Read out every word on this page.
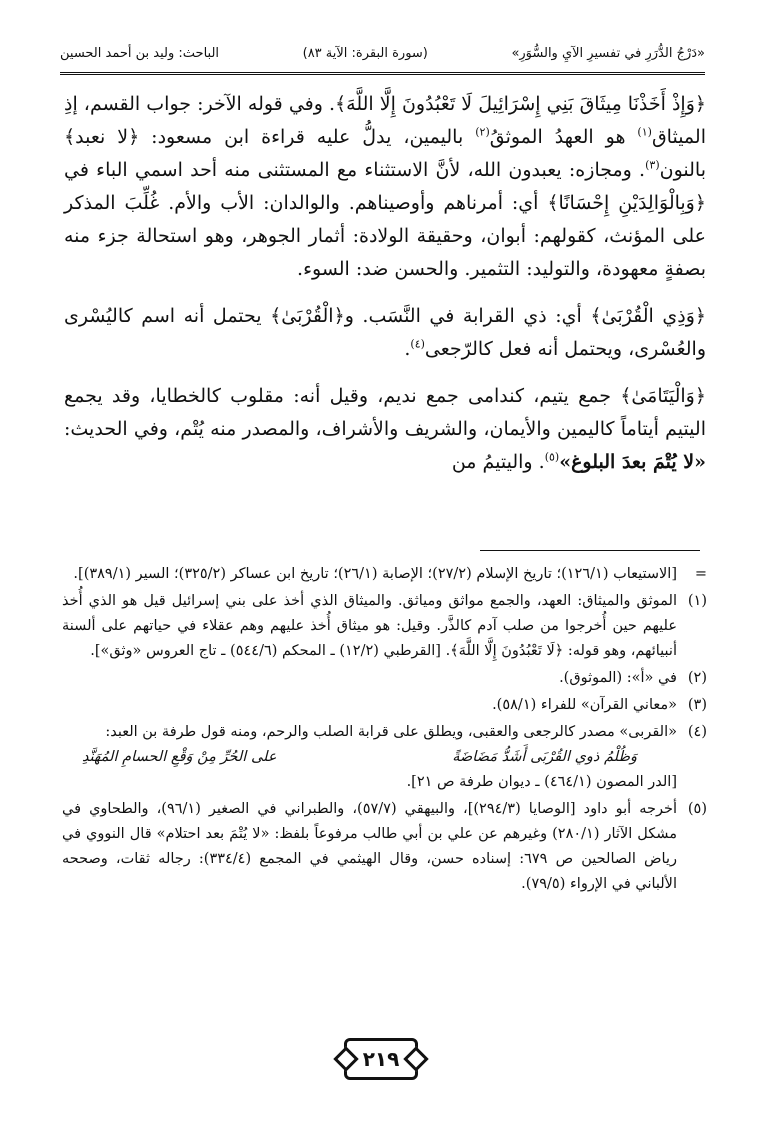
«دَرْجُ الدُّرَرِ في تفسيرِ الآيِ والسُّوَرِ»
(سورة البقرة: الآية ٨٣)
الباحث: وليد بن أحمد الحسين

﴿وَإِذْ أَخَذْنَا مِيثَاقَ بَنِي إِسْرَائِيلَ لَا تَعْبُدُونَ إِلَّا اللَّهَ﴾. وفي قوله الآخر: جواب القسم، إذِ الميثاق$^{(١)}$ هو العهدُ الموثقُ$^{(٢)}$ باليمين، يدلُّ عليه قراءة ابن مسعود: ﴿لا نعبد﴾ بالنون$^{(٣)}$. ومجازه: يعبدون الله، لأنَّ الاستثناء مع المستثنى منه أحد اسمي الباء في ﴿وَبِالْوَالِدَيْنِ إِحْسَانًا﴾ أي: أمرناهم وأوصيناهم. والوالدان: الأب والأم. غُلِّبَ المذكر على المؤنث، كقولهم: أبوان، وحقيقة الولادة: أثمار الجوهر، وهو استحالة جزء منه بصفةٍ معهودة، والتوليد: التثمير. والحسن ضد: السوء.

﴿وَذِي الْقُرْبَىٰ﴾ أي: ذي القرابة في النَّسَب. و﴿الْقُرْبَىٰ﴾ يحتمل أنه اسم كاليُسْرى والعُسْرى، ويحتمل أنه فعل كالرّجعى$^{(٤)}$.

﴿وَالْيَتَامَىٰ﴾ جمع يتيم، كندامى جمع نديم، وقيل أنه: مقلوب كالخطايا، وقد يجمع اليتيم أيتاماً كاليمين والأيمان، والشريف والأشراف، والمصدر منه يُتْم، وفي الحديث: «لا يُتْمَ بعدَ البلوغ»$^{(٥)}$. واليتيمُ من

=
[الاستيعاب (١٢٦/١)؛ تاريخ الإسلام (٢٧/٢)؛ الإصابة (٢٦/١)؛ تاريخ ابن عساكر (٣٢٥/٢)؛ السير (٣٨٩/١)].
(١)
الموثق والميثاق: العهد، والجمع مواثق ومياثق. والميثاق الذي أخذ على بني إسرائيل قيل هو الذي أُخذ عليهم حين أُخرجوا من صلب آدم كالذَّر. وقيل: هو ميثاق أُخذ عليهم وهم عقلاء في حياتهم على ألسنة أنبيائهم، وهو قوله: ﴿لَا تَعْبُدُونَ إِلَّا اللَّهَ﴾. [القرطبي (١٢/٢) ـ المحكم (٥٤٤/٦) ـ تاج العروس «وثق»].
(٢)
في «أ»: (الموثوق).
(٣)
«معاني القرآن» للفراء (٥٨/١).
(٤)
«القربى» مصدر كالرجعى والعقبى، ويطلق على قرابة الصلب والرحم، ومنه قول طرفة بن العبد:
وَظُلْمُ ذوي القُرْبَى أَشَدُّ مَضَاضَةً
على الحُرِّ مِنْ وَقْعِ الحسامِ المُهَنَّدِ
[الدر المصون (٤٦٤/١) ـ ديوان طرفة ص ٢١].
(٥)
أخرجه أبو داود [الوصايا (٢٩٤/٣)]، والبيهقي (٥٧/٧)، والطبراني في الصغير (٩٦/١)، والطحاوي في مشكل الآثار (٢٨٠/١) وغيرهم عن علي بن أبي طالب مرفوعاً بلفظ: «لا يُتْمَ بعد احتلام» قال النووي في رياض الصالحين ص ٦٧٩: إسناده حسن، وقال الهيثمي في المجمع (٣٣٤/٤): رجاله ثقات، وصححه الألباني في الإرواء (٧٩/٥).
٢١٩
